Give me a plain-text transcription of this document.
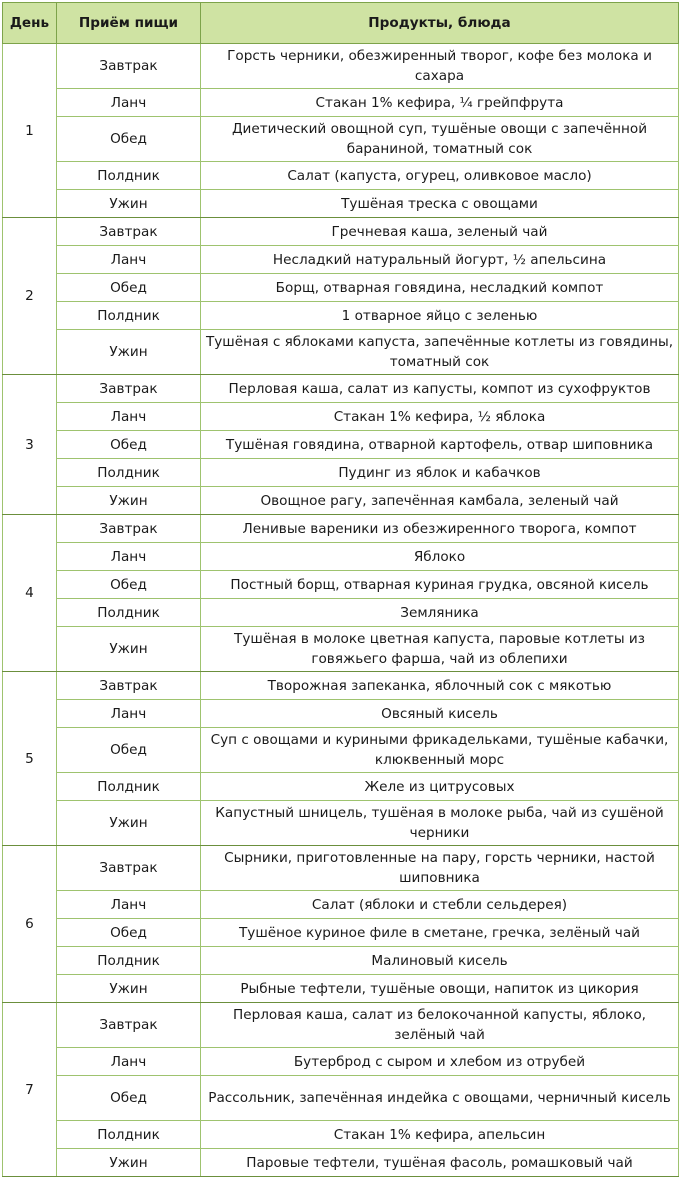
День	Приём пищи	Продукты, блюда
1	Завтрак	Горсть черники, обезжиренный творог, кофе без молока и сахара
	Ланч	Стакан 1% кефира, ¼ грейпфрута
	Обед	Диетический овощной суп, тушёные овощи с запечённой бараниной, томатный сок
	Полдник	Салат (капуста, огурец, оливковое масло)
	Ужин	Тушёная треска с овощами
2	Завтрак	Гречневая каша, зеленый чай
	Ланч	Несладкий натуральный йогурт, ½ апельсина
	Обед	Борщ, отварная говядина, несладкий компот
	Полдник	1 отварное яйцо с зеленью
	Ужин	Тушёная с яблоками капуста, запечённые котлеты из говядины, томатный сок
3	Завтрак	Перловая каша, салат из капусты, компот из сухофруктов
	Ланч	Стакан 1% кефира, ½ яблока
	Обед	Тушёная говядина, отварной картофель, отвар шиповника
	Полдник	Пудинг из яблок и кабачков
	Ужин	Овощное рагу, запечённая камбала, зеленый чай
4	Завтрак	Ленивые вареники из обезжиренного творога, компот
	Ланч	Яблоко
	Обед	Постный борщ, отварная куриная грудка, овсяной кисель
	Полдник	Земляника
	Ужин	Тушёная в молоке цветная капуста, паровые котлеты из говяжьего фарша, чай из облепихи
5	Завтрак	Творожная запеканка, яблочный сок с мякотью
	Ланч	Овсяный кисель
	Обед	Суп с овощами и куриными фрикадельками, тушёные кабачки, клюквенный морс
	Полдник	Желе из цитрусовых
	Ужин	Капустный шницель, тушёная в молоке рыба, чай из сушёной черники
6	Завтрак	Сырники, приготовленные на пару, горсть черники, настой шиповника
	Ланч	Салат (яблоки и стебли сельдерея)
	Обед	Тушёное куриное филе в сметане, гречка, зелёный чай
	Полдник	Малиновый кисель
	Ужин	Рыбные тефтели, тушёные овощи, напиток из цикория
7	Завтрак	Перловая каша, салат из белокочанной капусты, яблоко, зелёный чай
	Ланч	Бутерброд с сыром и хлебом из отрубей
	Обед	Рассольник, запечённая индейка с овощами, черничный кисель
	Полдник	Стакан 1% кефира, апельсин
	Ужин	Паровые тефтели, тушёная фасоль, ромашковый чай
